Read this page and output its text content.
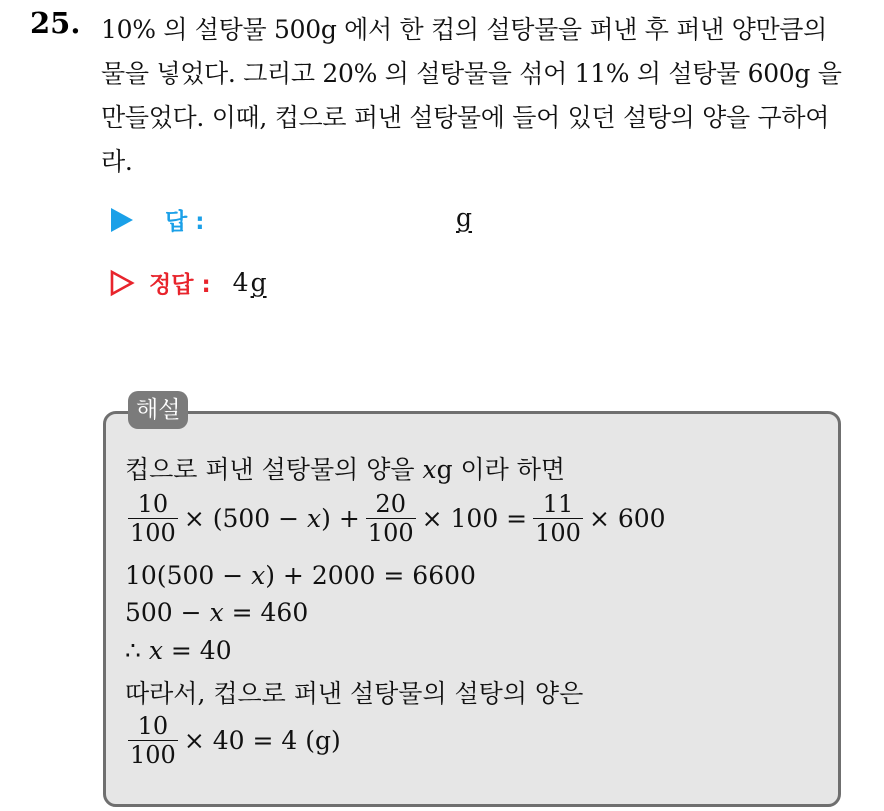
25. 10% 의 설탕물 500g 에서 한 컵의 설탕물을 퍼낸 후 퍼낸 양만큼의
물을 넣었다. 그리고 20% 의 설탕물을 섞어 11% 의 설탕물 600g 을
만들었다. 이때, 컵으로 퍼낸 설탕물에 들어 있던 설탕의 양을 구하여
라.
답 :	g
정답 : 4g
해설
컵으로 퍼낸 설탕물의 양을 xg 이라 하면
$\frac{10}{100} \times (500 - x) + \frac{20}{100} \times 100 = \frac{11}{100} \times 600$
10(500 − x) + 2000 = 6600
500 − x = 460
∴ x = 40
따라서, 컵으로 퍼낸 설탕물의 설탕의 양은
$\frac{10}{100} \times 40 = 4$ (g)
